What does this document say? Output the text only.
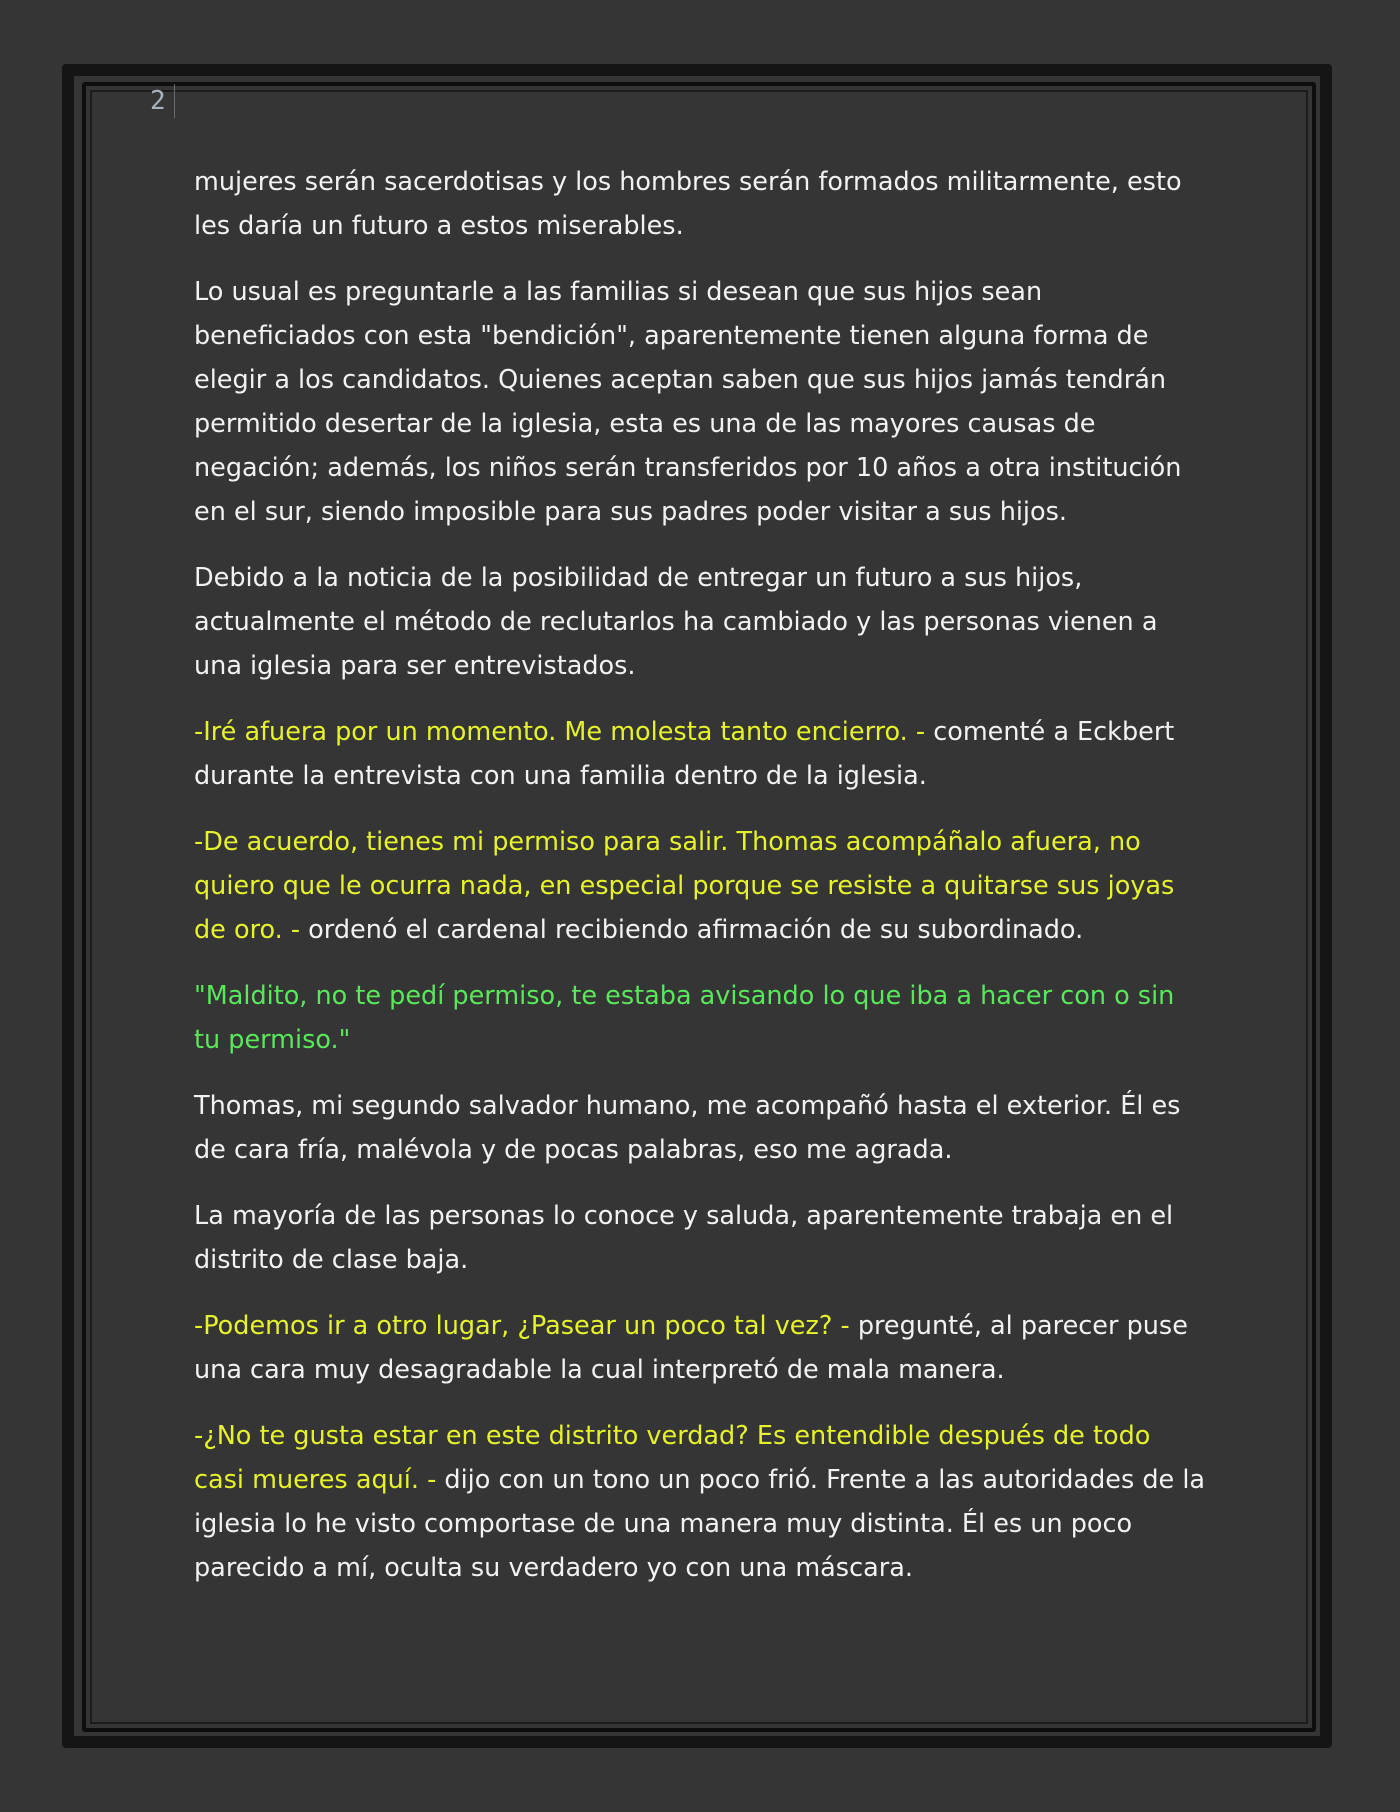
2

mujeres serán sacerdotisas y los hombres serán formados militarmente, esto les daría un futuro a estos miserables.

Lo usual es preguntarle a las familias si desean que sus hijos sean beneficiados con esta "bendición", aparentemente tienen alguna forma de elegir a los candidatos. Quienes aceptan saben que sus hijos jamás tendrán permitido desertar de la iglesia, esta es una de las mayores causas de negación; además, los niños serán transferidos por 10 años a otra institución en el sur, siendo imposible para sus padres poder visitar a sus hijos.

Debido a la noticia de la posibilidad de entregar un futuro a sus hijos, actualmente el método de reclutarlos ha cambiado y las personas vienen a una iglesia para ser entrevistados.

-Iré afuera por un momento. Me molesta tanto encierro. - comenté a Eckbert durante la entrevista con una familia dentro de la iglesia.

-De acuerdo, tienes mi permiso para salir. Thomas acompáñalo afuera, no quiero que le ocurra nada, en especial porque se resiste a quitarse sus joyas de oro. - ordenó el cardenal recibiendo afirmación de su subordinado.

"Maldito, no te pedí permiso, te estaba avisando lo que iba a hacer con o sin tu permiso."

Thomas, mi segundo salvador humano, me acompañó hasta el exterior. Él es de cara fría, malévola y de pocas palabras, eso me agrada.

La mayoría de las personas lo conoce y saluda, aparentemente trabaja en el distrito de clase baja.

-Podemos ir a otro lugar, ¿Pasear un poco tal vez? - pregunté, al parecer puse una cara muy desagradable la cual interpretó de mala manera.

-¿No te gusta estar en este distrito verdad? Es entendible después de todo casi mueres aquí. - dijo con un tono un poco frió. Frente a las autoridades de la iglesia lo he visto comportase de una manera muy distinta. Él es un poco parecido a mí, oculta su verdadero yo con una máscara.
